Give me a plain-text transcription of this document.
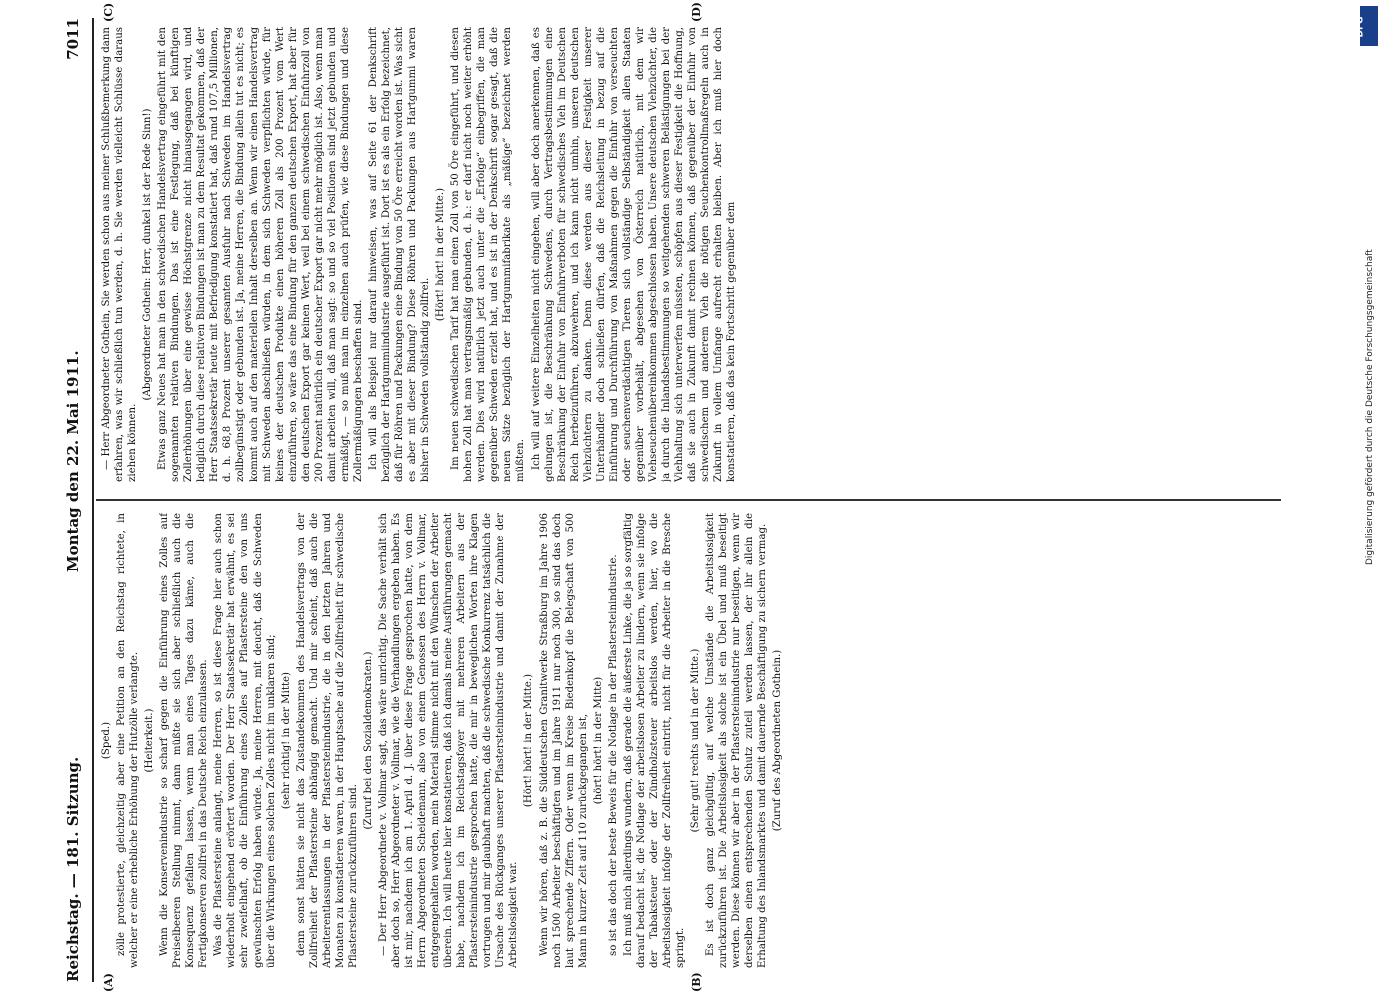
DFG
Digitalisierung gefördert durch die Deutsche Forschungsgemeinschaft
Reichstag. — 181. Sitzung.
Montag den 22. Mai 1911.
7011
(A)	(B)
(C)	(D)

(Sped.) zölle protestierte, gleichzeitig aber eine Petition an den Reichstag richtete, in welcher er eine erhebliche Erhöhung der Hutzölle verlangte. (Heiterkeit.) Wenn die Konservenindustrie so scharf gegen die Einführung eines Zolles auf Preiselbeeren Stellung nimmt, dann müßte sie sich aber schließlich auch die Konsequenz gefallen lassen, wenn man eines Tages dazu käme, auch die Fertigkonserven zollfrei in das Deutsche Reich einzulassen. Was die Pflastersteine anlangt, meine Herren, so ist diese Frage hier auch schon wiederholt eingehend erörtert worden. Der Herr Staatssekretär hat erwähnt, es sei sehr zweifelhaft, ob die Einführung eines Zolles auf Pflastersteine den von uns gewünschten Erfolg haben würde. Ja, meine Herren, mit deucht, daß die Schweden über die Wirkungen eines solchen Zolles nicht im unklaren sind; (sehr richtig! in der Mitte) denn sonst hätten sie nicht das Zustandekommen des Handelsvertrags von der Zollfreiheit der Pflastersteine abhängig gemacht. Und mir scheint, daß auch die Arbeiterentlassungen in der Pflastersteinindustrie, die in den letzten Jahren und Monaten zu konstatieren waren, in der Hauptsache auf die Zollfreiheit für schwedische Pflastersteine zurückzuführen sind.

(Zuruf bei den Sozialdemokraten.) — Der Herr Abgeordnete v. Vollmar sagt, das wäre unrichtig. Die Sache verhält sich aber doch so, Herr Abgeordneter v. Vollmar, wie die Verhandlungen ergeben haben. Es ist mir, nachdem ich am 1. April d. J. über diese Frage gesprochen hatte, von dem Herrn Abgeordneten Scheidemann, also von einem Genossen des Herrn v. Vollmar, entgegengehalten worden, mein Material stimme nicht mit den Wünschen der Arbeiter überein. Ich will heute hier konstatieren, daß ich damals meine Ausführungen gemacht habe, nachdem ich im Reichstagsfoyer mit mehreren Arbeitern aus der Pflastersteinindustrie gesprochen hatte, die mir in beweglichen Worten ihre Klagen vortrugen und mir glaubhaft machten, daß die schwedische Konkurrenz tatsächlich die Ursache des Rückganges unserer Pflastersteinindustrie und damit der Zunahme der Arbeitslosigkeit war.

(Hört! hört! in der Mitte.) Wenn wir hören, daß z. B. die Süddeutschen Granitwerke Straßburg im Jahre 1906 noch 1500 Arbeiter beschäftigten und im Jahre 1911 nur noch 300, so sind das doch laut sprechende Ziffern. Oder wenn im Kreise Biedenkopf die Belegschaft von 500 Mann in kurzer Zeit auf 110 zurückgegangen ist, (hört! hört! in der Mitte) so ist das doch der beste Beweis für die Notlage in der Pflastersteinindustrie. Ich muß mich allerdings wundern, daß gerade die äußerste Linke, die ja so sorgfältig darauf bedacht ist, die Notlage der arbeitslosen Arbeiter zu lindern, wenn sie infolge der Tabaksteuer oder der Zündholzsteuer arbeitslos werden, hier, wo die Arbeitslosigkeit infolge der Zollfreiheit eintritt, nicht für die Arbeiter in die Bresche springt.

(Sehr gut! rechts und in der Mitte.) Es ist doch ganz gleichgültig, auf welche Umstände die Arbeitslosigkeit zurückzuführen ist. Die Arbeitslosigkeit als solche ist ein Übel und muß beseitigt werden. Diese können wir aber in der Pflastersteinindustrie nur beseitigen, wenn wir derselben einen entsprechenden Schutz zuteil werden lassen, der ihr allein die Erhaltung des Inlandsmarktes und damit dauernde Beschäftigung zu sichern vermag. (Zuruf des Abgeordneten Gothein.)

— Herr Abgeordneter Gothein, Sie werden schon aus meiner Schlußbemerkung dann erfahren, was wir schließlich tun werden, d. h. Sie werden vielleicht Schlüsse daraus ziehen können.

(Abgeordneter Gothein: Herr, dunkel ist der Rede Sinn!) Etwas ganz Neues hat man in den schwedischen Handelsvertrag eingeführt mit den sogenannten relativen Bindungen. Das ist eine Festlegung, daß bei künftigen Zollerhöhungen über eine gewisse Höchstgrenze nicht hinausgegangen wird, und lediglich durch diese relativen Bindungen ist man zu dem Resultat gekommen, daß der Herr Staatssekretär heute mit Befriedigung konstatiert hat, daß rund 107,5 Millionen, d. h. 68,8 Prozent unserer gesamten Ausfuhr nach Schweden im Handelsvertrag zollbegünstigt oder gebunden ist. Ja, meine Herren, die Bindung allein tut es nicht; es kommt auch auf den materiellen Inhalt derselben an. Wenn wir einen Handelsvertrag mit Schweden abschließen würden, in dem sich Schweden verpflichten würde, für keines der deutschen Produkte einen höheren Zoll als 200 Prozent vom Wert einzuführen, so wäre das eine Bindung für den ganzen deutschen Export, hat aber für den deutschen Export gar keinen Wert, weil bei einem schwedischen Einfuhrzoll von 200 Prozent natürlich ein deutscher Export gar nicht mehr möglich ist. Also, wenn man damit arbeiten will, daß man sagt: so und so viel Positionen sind jetzt gebunden und ermäßigt, — so muß man im einzelnen auch prüfen, wie diese Bindungen und diese Zollermäßigungen beschaffen sind. Ich will als Beispiel nur darauf hinweisen, was auf Seite 61 der Denkschrift bezüglich der Hartgummiindustrie ausgeführt ist. Dort ist es als ein Erfolg bezeichnet, daß für Röhren und Packungen eine Bindung von 50 Öre erreicht worden ist. Was sicht es aber mit dieser Bindung? Diese Röhren und Packungen aus Hartgummi waren bisher in Schweden vollständig zollfrei.

(Hört! hört! in der Mitte.) Im neuen schwedischen Tarif hat man einen Zoll von 50 Öre eingeführt, und diesen hohen Zoll hat man vertragsmäßig gebunden, d. h.: er darf nicht noch weiter erhöht werden. Dies wird natürlich jetzt auch unter die „Erfolge“ einbegriffen, die man gegenüber Schweden erzielt hat, und es ist in der Denkschrift sogar gesagt, daß die neuen Sätze bezüglich der Hartgummifabrikate als „mäßige“ bezeichnet werden müßten. Ich will auf weitere Einzelheiten nicht eingehen, will aber doch anerkennen, daß es gelungen ist, die Beschränkung Schwedens, durch Vertragsbestimmungen eine Beschränkung der Einfuhr von Einfuhrverboten für schwedisches Vieh im Deutschen Reich herbeizuführen, abzuwehren, und ich kann nicht umhin, unseren deutschen Viehzüchtern zu danken. Denn diese werden aus dieser Festigkeit unserer Unterhändler doch schließen dürfen, daß die Reichsleitung in bezug auf die Einführung und Durchführung von Maßnahmen gegen die Einfuhr von verseuchten oder seuchenverdächtigen Tieren sich vollständige Selbständigkeit allen Staaten gegenüber vorbehält, abgesehen von Österreich natürlich, mit dem wir Viehseuchenübereinkommen abgeschlossen haben. Unsere deutschen Viehzüchter, die ja durch die Inlandsbestimmungen so weitgehenden schweren Belästigungen bei der Viehhaltung sich unterwerfen müssten, schöpfen aus dieser Festigkeit die Hoffnung, daß sie auch in Zukunft damit rechnen können, daß gegenüber der Einfuhr von schwedischem und anderem Vieh die nötigen Seuchenkontrollmaßregeln auch in Zukunft in vollem Umfange aufrecht erhalten bleiben. Aber ich muß hier doch konstatieren, daß das kein Fortschritt gegenüber dem
